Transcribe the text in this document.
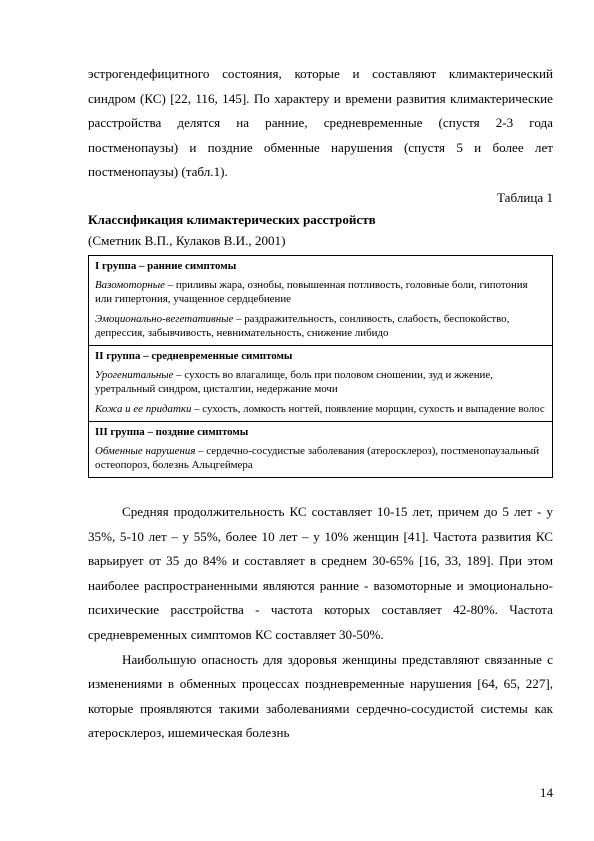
эстрогендефицитного состояния, которые и составляют климактерический синдром (КС) [22, 116, 145]. По характеру и времени развития климактерические расстройства делятся на ранние, средневременные (спустя 2-3 года постменопаузы) и поздние обменные нарушения (спустя 5 и более лет постменопаузы) (табл.1).

Таблица 1
Классификация климактерических расстройств
(Сметник В.П., Кулаков В.И., 2001)
I группа – ранние симптомы
Вазомоторные – приливы жара, ознобы, повышенная потливость, головные боли, гипотония или гипертония, учащенное сердцебиение
Эмоционально-вегетативные – раздражительность, сонливость, слабость, беспокойство, депрессия, забывчивость, невнимательность, снижение либидо
II группа – средневременные симптомы
Урогенитальные – сухость во влагалище, боль при половом сношении, зуд и жжение, уретральный синдром, цисталгии, недержание мочи
Кожа и ее придатки – сухость, ломкость ногтей, появление морщин, сухость и выпадение волос
III группа – поздние симптомы
Обменные нарушения – сердечно-сосудистые заболевания (атеросклероз), постменопаузальный остеопороз, болезнь Альцгеймера

Средняя продолжительность КС составляет 10-15 лет, причем до 5 лет - у 35%, 5-10 лет – у 55%, более 10 лет – у 10% женщин [41]. Частота развития КС варьирует от 35 до 84% и составляет в среднем 30-65% [16, 33, 189]. При этом наиболее распространенными являются ранние - вазомоторные и эмоционально-психические расстройства - частота которых составляет 42-80%. Частота средневременных симптомов КС составляет 30-50%.

Наибольшую опасность для здоровья женщины представляют связанные с изменениями в обменных процессах поздневременные нарушения [64, 65, 227], которые проявляются такими заболеваниями сердечно-сосудистой системы как атеросклероз, ишемическая болезнь

14
